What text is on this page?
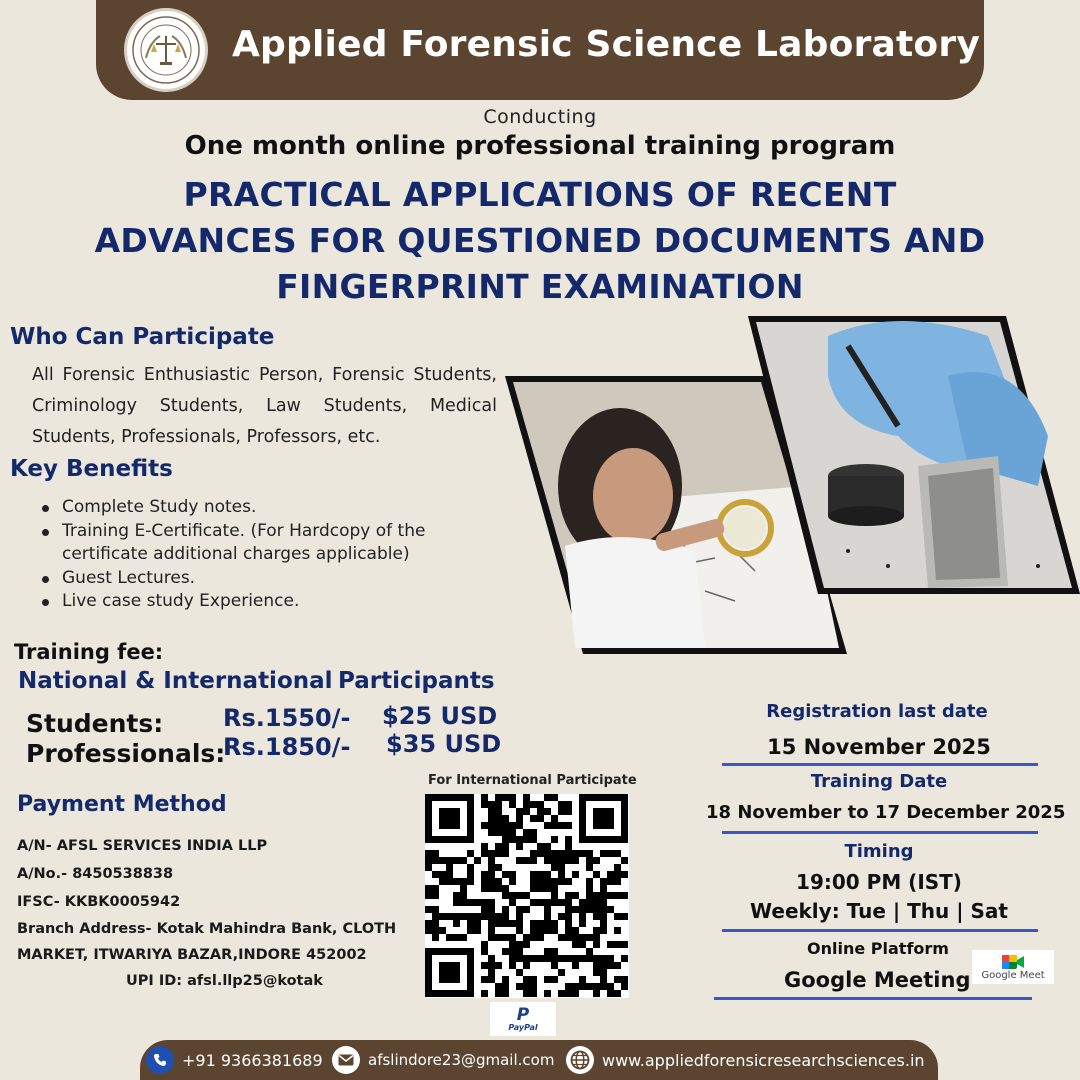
Applied Forensic Science Laboratory
Conducting
One month online professional training program
PRACTICAL APPLICATIONS OF RECENT
ADVANCES FOR QUESTIONED DOCUMENTS AND
FINGERPRINT EXAMINATION
Who Can Participate
All Forensic Enthusiastic Person, Forensic Students, Criminology Students, Law Students, Medical Students, Professionals, Professors, etc.
Key Benefits
Complete Study notes.
Training E-Certificate. (For Hardcopy of the certificate additional charges applicable)
Guest Lectures.
Live case study Experience.
Training fee:
National & International Participants
Students:
Professionals:
Rs.1550/-
Rs.1850/-
$25 USD
$35 USD
Payment Method
A/N- AFSL SERVICES INDIA LLP
A/No.- 8450538838
IFSC- KKBK0005942
Branch Address- Kotak Mahindra Bank, CLOTH
MARKET, ITWARIYA BAZAR,INDORE 452002
UPI ID: afsl.llp25@kotak
For International Participate
P
PayPal
Registration last date
15 November 2025
Training Date
18 November to 17 December 2025
Timing
19:00 PM (IST)
Weekly: Tue | Thu | Sat
Online Platform
Google Meeting Google Meet
+91 9366381689	afslindore23@gmail.com	www.appliedforensicresearchsciences.in
